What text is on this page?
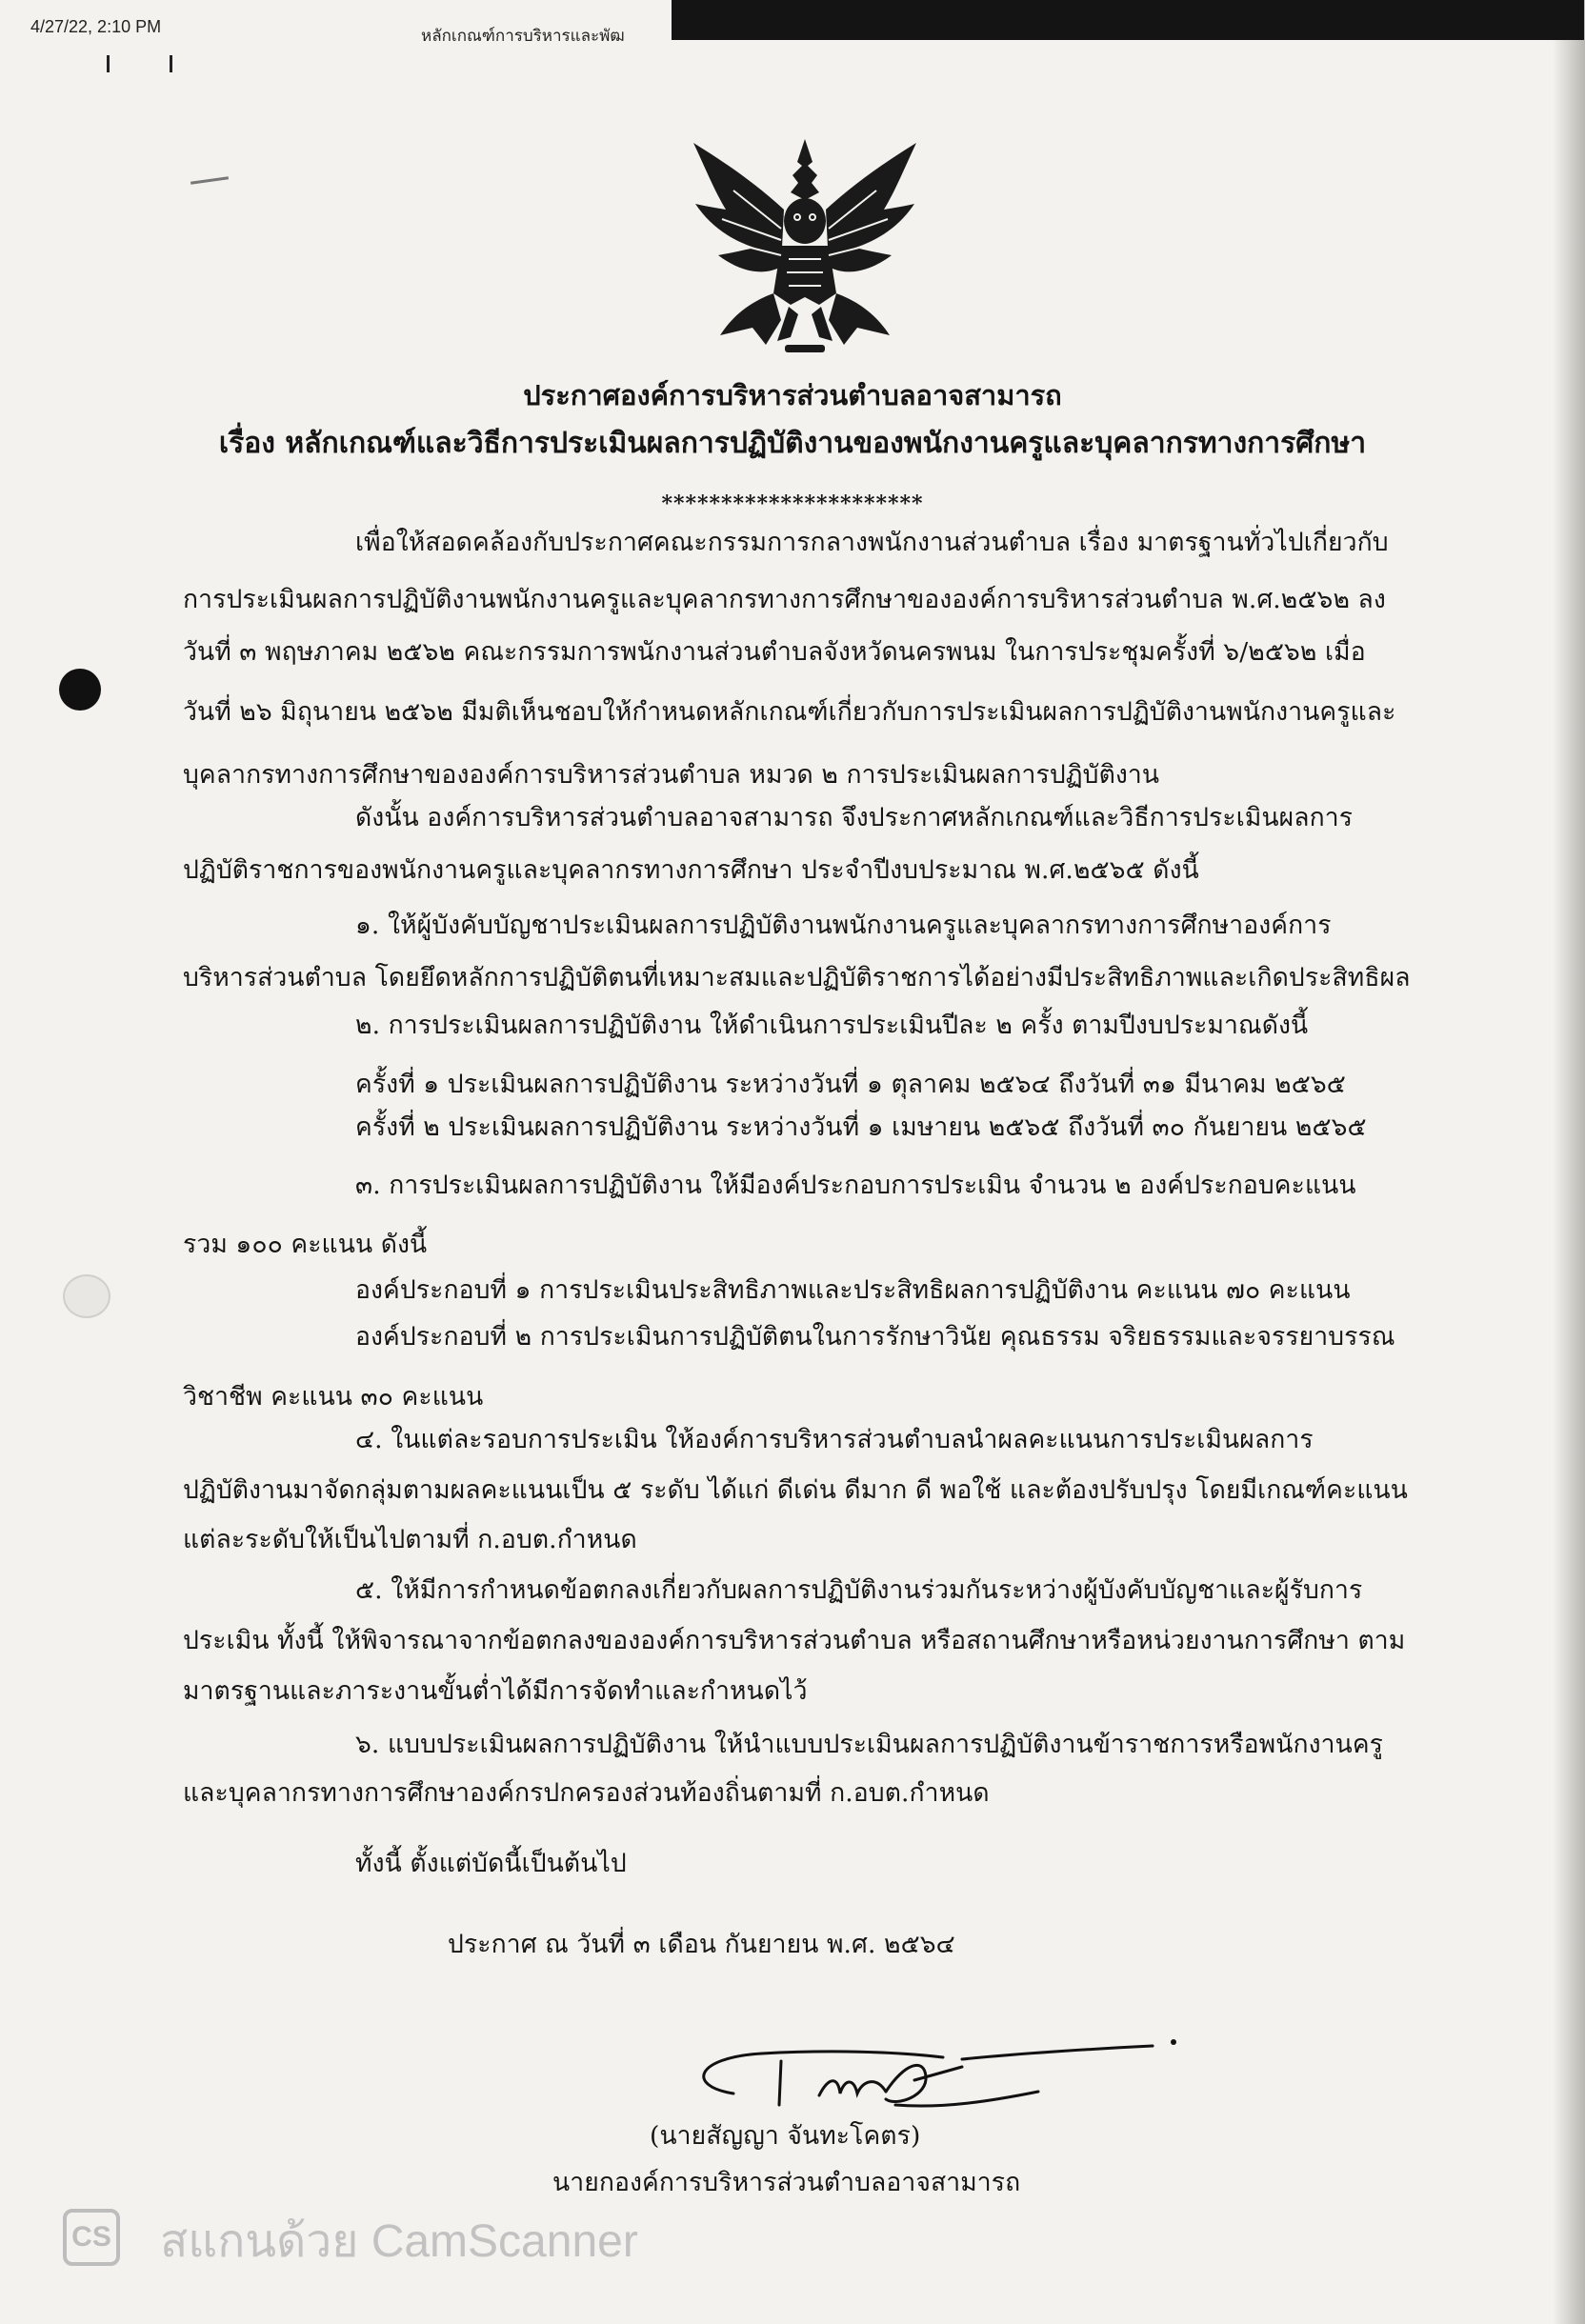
4/27/22, 2:10 PM	หลักเกณฑ์การบริหารและพัฒ
ประกาศองค์การบริหารส่วนตำบลอาจสามารถ
เรื่อง หลักเกณฑ์และวิธีการประเมินผลการปฏิบัติงานของพนักงานครูและบุคลากรทางการศึกษา
**********************
เพื่อให้สอดคล้องกับประกาศคณะกรรมการกลางพนักงานส่วนตำบล เรื่อง มาตรฐานทั่วไปเกี่ยวกับ
การประเมินผลการปฏิบัติงานพนักงานครูและบุคลากรทางการศึกษาขององค์การบริหารส่วนตำบล พ.ศ.๒๕๖๒ ลง
วันที่ ๓ พฤษภาคม ๒๕๖๒ คณะกรรมการพนักงานส่วนตำบลจังหวัดนครพนม ในการประชุมครั้งที่ ๖/๒๕๖๒ เมื่อ
วันที่ ๒๖ มิถุนายน ๒๕๖๒ มีมติเห็นชอบให้กำหนดหลักเกณฑ์เกี่ยวกับการประเมินผลการปฏิบัติงานพนักงานครูและ
บุคลากรทางการศึกษาขององค์การบริหารส่วนตำบล หมวด ๒ การประเมินผลการปฏิบัติงาน
ดังนั้น องค์การบริหารส่วนตำบลอาจสามารถ จึงประกาศหลักเกณฑ์และวิธีการประเมินผลการ
ปฏิบัติราชการของพนักงานครูและบุคลากรทางการศึกษา ประจำปีงบประมาณ พ.ศ.๒๕๖๕ ดังนี้
๑. ให้ผู้บังคับบัญชาประเมินผลการปฏิบัติงานพนักงานครูและบุคลากรทางการศึกษาองค์การ
บริหารส่วนตำบล โดยยึดหลักการปฏิบัติตนที่เหมาะสมและปฏิบัติราชการได้อย่างมีประสิทธิภาพและเกิดประสิทธิผล
๒. การประเมินผลการปฏิบัติงาน ให้ดำเนินการประเมินปีละ ๒ ครั้ง ตามปีงบประมาณดังนี้
ครั้งที่ ๑ ประเมินผลการปฏิบัติงาน ระหว่างวันที่ ๑ ตุลาคม ๒๕๖๔ ถึงวันที่ ๓๑ มีนาคม ๒๕๖๕
ครั้งที่ ๒ ประเมินผลการปฏิบัติงาน ระหว่างวันที่ ๑ เมษายน ๒๕๖๕ ถึงวันที่ ๓๐ กันยายน ๒๕๖๕
๓. การประเมินผลการปฏิบัติงาน ให้มีองค์ประกอบการประเมิน จำนวน ๒ องค์ประกอบคะแนน
รวม ๑๐๐ คะแนน ดังนี้
องค์ประกอบที่ ๑ การประเมินประสิทธิภาพและประสิทธิผลการปฏิบัติงาน คะแนน ๗๐ คะแนน
องค์ประกอบที่ ๒ การประเมินการปฏิบัติตนในการรักษาวินัย คุณธรรม จริยธรรมและจรรยาบรรณ
วิชาชีพ คะแนน ๓๐ คะแนน
๔. ในแต่ละรอบการประเมิน ให้องค์การบริหารส่วนตำบลนำผลคะแนนการประเมินผลการ
ปฏิบัติงานมาจัดกลุ่มตามผลคะแนนเป็น ๕ ระดับ ได้แก่ ดีเด่น ดีมาก ดี พอใช้ และต้องปรับปรุง โดยมีเกณฑ์คะแนน
แต่ละระดับให้เป็นไปตามที่ ก.อบต.กำหนด
๕. ให้มีการกำหนดข้อตกลงเกี่ยวกับผลการปฏิบัติงานร่วมกันระหว่างผู้บังคับบัญชาและผู้รับการ
ประเมิน ทั้งนี้ ให้พิจารณาจากข้อตกลงขององค์การบริหารส่วนตำบล หรือสถานศึกษาหรือหน่วยงานการศึกษา ตาม
มาตรฐานและภาระงานขั้นต่ำได้มีการจัดทำและกำหนดไว้
๖. แบบประเมินผลการปฏิบัติงาน ให้นำแบบประเมินผลการปฏิบัติงานข้าราชการหรือพนักงานครู
และบุคลากรทางการศึกษาองค์กรปกครองส่วนท้องถิ่นตามที่ ก.อบต.กำหนด
ทั้งนี้ ตั้งแต่บัดนี้เป็นต้นไป
ประกาศ ณ วันที่ ๓ เดือน กันยายน พ.ศ. ๒๕๖๔
(นายสัญญา จันทะโคตร)
นายกองค์การบริหารส่วนตำบลอาจสามารถ
CS สแกนด้วย CamScanner
